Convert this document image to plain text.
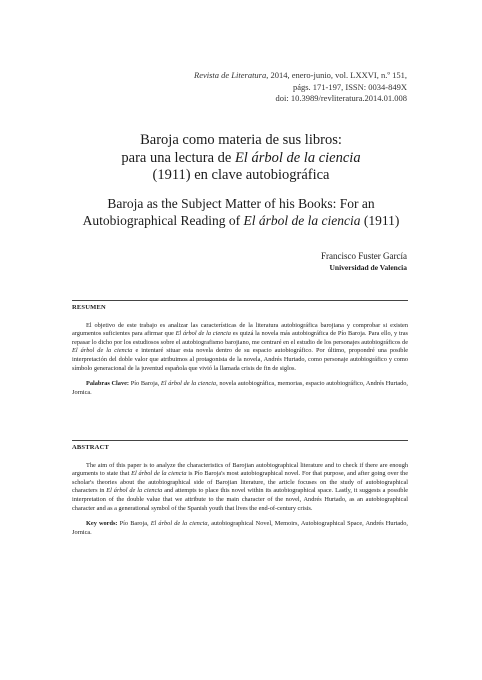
Revista de Literatura, 2014, enero-junio, vol. LXXVI, n.º 151,
págs. 171-197, ISSN: 0034-849X
doi: 10.3989/revliteratura.2014.01.008
Baroja como materia de sus libros:
para una lectura de El árbol de la ciencia
(1911) en clave autobiográfica
Baroja as the Subject Matter of his Books: For an
Autobiographical Reading of El árbol de la ciencia (1911)
Francisco Fuster García
Universidad de Valencia
RESUMEN

El objetivo de este trabajo es analizar las características de la literatura autobiográfica barojiana y comprobar si existen argumentos suficientes para afirmar que El árbol de la ciencia es quizá la novela más autobiográfica de Pío Baroja. Para ello, y tras repasar lo dicho por los estudiosos sobre el autobiografismo barojiano, me centraré en el estudio de los personajes autobiográficos de El árbol de la ciencia e intentaré situar esta novela dentro de su espacio autobiográfico. Por último, propondré una posible interpretación del doble valor que atribuimos al protagonista de la novela, Andrés Hurtado, como personaje autobiográfico y como símbolo generacional de la juventud española que vivió la llamada crisis de fin de siglos.

Palabras Clave: Pío Baroja, El árbol de la ciencia, novela autobiográfica, memorias, espacio autobiográfico, Andrés Hurtado, Jornica.

ABSTRACT

The aim of this paper is to analyze the characteristics of Barojian autobiographical literature and to check if there are enough arguments to state that El árbol de la ciencia is Pío Baroja's most autobiographical novel. For that purpose, and after going over the scholar's theories about the autobiographical side of Barojian literature, the article focuses on the study of autobiographical characters in El árbol de la ciencia and attempts to place this novel within its autobiographical space. Lastly, it suggests a possible interpretation of the double value that we attribute to the main character of the novel, Andrés Hurtado, as an autobiographical character and as a generational symbol of the Spanish youth that lives the end-of-century crisis.

Key words: Pío Baroja, El árbol de la ciencia, autobiographical Novel, Memoirs, Autobiographical Space, Andrés Hurtado, Jornica.
